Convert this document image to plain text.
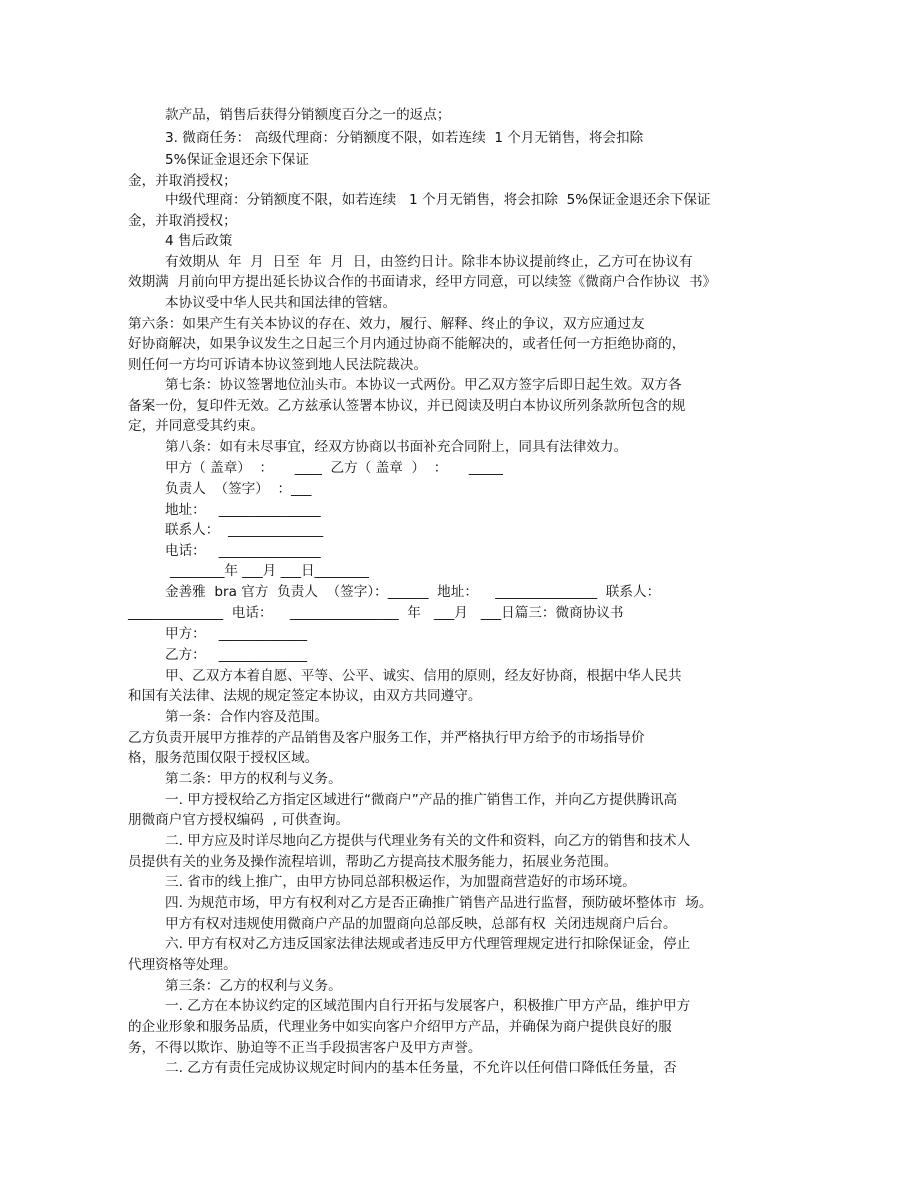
款产品，销售后获得分销额度百分之一的返点；

3. 微商任务： 高级代理商：分销额度不限，如若连续  1 个月无销售，将会扣除

5%保证金退还余下保证

金，并取消授权；

中级代理商：分销额度不限，如若连续   1 个月无销售，将会扣除  5%保证金退还余下保证

金，并取消授权；

4 售后政策

有效期从  年  月  日至  年  月  日，由签约日计。除非本协议提前终止，乙方可在协议有

效期满  月前向甲方提出延长协议合作的书面请求，经甲方同意，可以续签《微商户合作协议  书》

本协议受中华人民共和国法律的管辖。

第六条：如果产生有关本协议的存在、效力，履行、解释、终止的争议，双方应通过友

好协商解决，如果争议发生之日起三个月内通过协商不能解决的，或者任何一方拒绝协商的，

则任何一方均可诉请本协议签到地人民法院裁决。

第七条：协议签署地位汕头市。本协议一式两份。甲乙双方签字后即日起生效。双方各

备案一份，复印件无效。乙方兹承认签署本协议，并已阅读及明白本协议所列条款所包含的规

定，并同意受其约束。

第八条：如有未尽事宜，经双方协商以书面补充合同附上，同具有法律效力。

甲方（ 盖章）  ：     ____  乙方（ 盖章  ）  ：     _____

负责人  （签字）  ：___

地址：   _______________

联系人：  ______________

电话：   _______________

________年 ___月 ___日________

金善雅  bra 官方  负责人  （签字）：______  地址：    _______________  联系人：

______________  电话：    ________________  年   ___月   ___日篇三：微商协议书

甲方：   _____________

乙方：   _____________

甲、乙双方本着自愿、平等、公平、诚实、信用的原则，经友好协商，根据中华人民共

和国有关法律、法规的规定签定本协议，由双方共同遵守。

第一条：合作内容及范围。

乙方负责开展甲方推荐的产品销售及客户服务工作，并严格执行甲方给予的市场指导价

格，服务范围仅限于授权区域。

第二条：甲方的权利与义务。

一. 甲方授权给乙方指定区域进行“微商户”产品的推广销售工作，并向乙方提供腾讯高

朋微商户官方授权编码  , 可供查询。

二. 甲方应及时详尽地向乙方提供与代理业务有关的文件和资料，向乙方的销售和技术人

员提供有关的业务及操作流程培训，帮助乙方提高技术服务能力，拓展业务范围。

三. 省市的线上推广，由甲方协同总部积极运作，为加盟商营造好的市场环境。

四. 为规范市场，甲方有权利对乙方是否正确推广销售产品进行监督，预防破坏整体市  场。

甲方有权对违规使用微商户产品的加盟商向总部反映，总部有权  关闭违规商户后台。

六. 甲方有权对乙方违反国家法律法规或者违反甲方代理管理规定进行扣除保证金，停止

代理资格等处理。

第三条：乙方的权利与义务。

一. 乙方在本协议约定的区域范围内自行开拓与发展客户，积极推广甲方产品，维护甲方

的企业形象和服务品质，代理业务中如实向客户介绍甲方产品，并确保为商户提供良好的服

务，不得以欺诈、胁迫等不正当手段损害客户及甲方声誉。

二. 乙方有责任完成协议规定时间内的基本任务量，不允许以任何借口降低任务量，否
